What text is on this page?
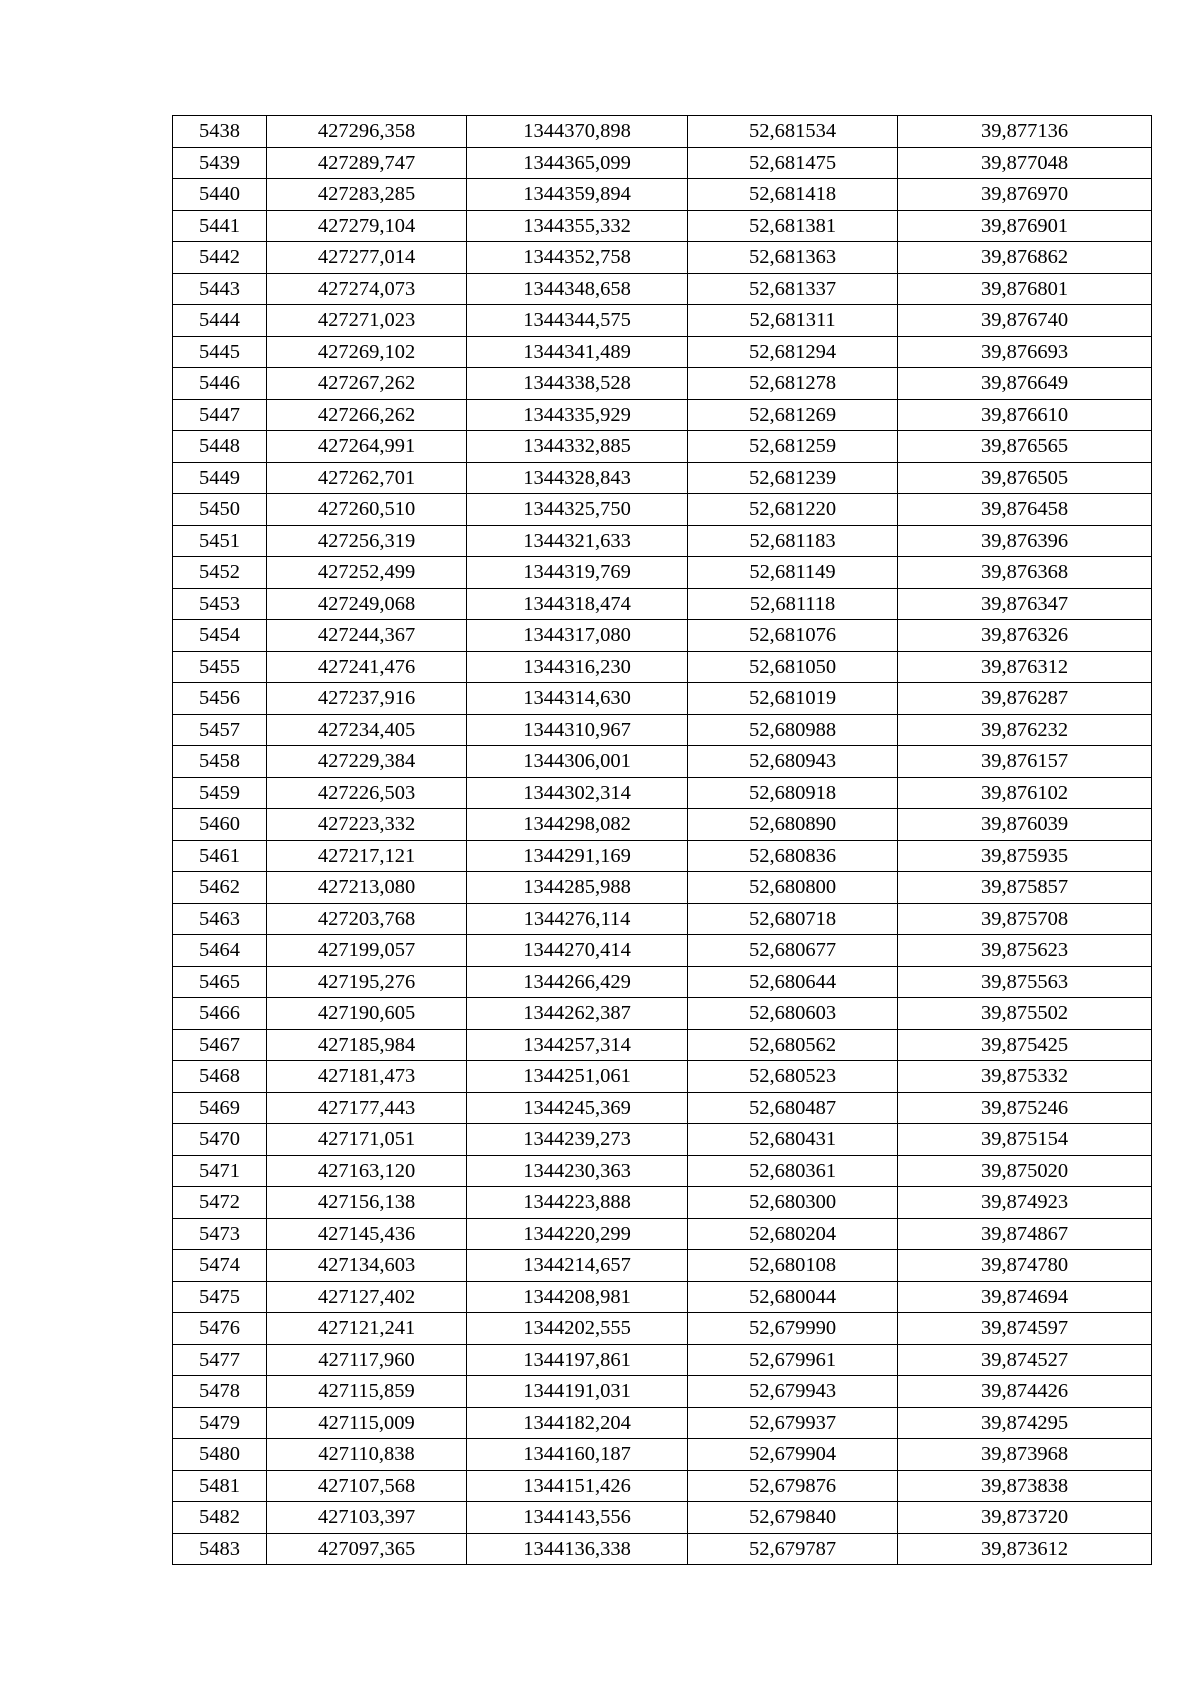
5438	427296,358	1344370,898	52,681534	39,877136
5439	427289,747	1344365,099	52,681475	39,877048
5440	427283,285	1344359,894	52,681418	39,876970
5441	427279,104	1344355,332	52,681381	39,876901
5442	427277,014	1344352,758	52,681363	39,876862
5443	427274,073	1344348,658	52,681337	39,876801
5444	427271,023	1344344,575	52,681311	39,876740
5445	427269,102	1344341,489	52,681294	39,876693
5446	427267,262	1344338,528	52,681278	39,876649
5447	427266,262	1344335,929	52,681269	39,876610
5448	427264,991	1344332,885	52,681259	39,876565
5449	427262,701	1344328,843	52,681239	39,876505
5450	427260,510	1344325,750	52,681220	39,876458
5451	427256,319	1344321,633	52,681183	39,876396
5452	427252,499	1344319,769	52,681149	39,876368
5453	427249,068	1344318,474	52,681118	39,876347
5454	427244,367	1344317,080	52,681076	39,876326
5455	427241,476	1344316,230	52,681050	39,876312
5456	427237,916	1344314,630	52,681019	39,876287
5457	427234,405	1344310,967	52,680988	39,876232
5458	427229,384	1344306,001	52,680943	39,876157
5459	427226,503	1344302,314	52,680918	39,876102
5460	427223,332	1344298,082	52,680890	39,876039
5461	427217,121	1344291,169	52,680836	39,875935
5462	427213,080	1344285,988	52,680800	39,875857
5463	427203,768	1344276,114	52,680718	39,875708
5464	427199,057	1344270,414	52,680677	39,875623
5465	427195,276	1344266,429	52,680644	39,875563
5466	427190,605	1344262,387	52,680603	39,875502
5467	427185,984	1344257,314	52,680562	39,875425
5468	427181,473	1344251,061	52,680523	39,875332
5469	427177,443	1344245,369	52,680487	39,875246
5470	427171,051	1344239,273	52,680431	39,875154
5471	427163,120	1344230,363	52,680361	39,875020
5472	427156,138	1344223,888	52,680300	39,874923
5473	427145,436	1344220,299	52,680204	39,874867
5474	427134,603	1344214,657	52,680108	39,874780
5475	427127,402	1344208,981	52,680044	39,874694
5476	427121,241	1344202,555	52,679990	39,874597
5477	427117,960	1344197,861	52,679961	39,874527
5478	427115,859	1344191,031	52,679943	39,874426
5479	427115,009	1344182,204	52,679937	39,874295
5480	427110,838	1344160,187	52,679904	39,873968
5481	427107,568	1344151,426	52,679876	39,873838
5482	427103,397	1344143,556	52,679840	39,873720
5483	427097,365	1344136,338	52,679787	39,873612
